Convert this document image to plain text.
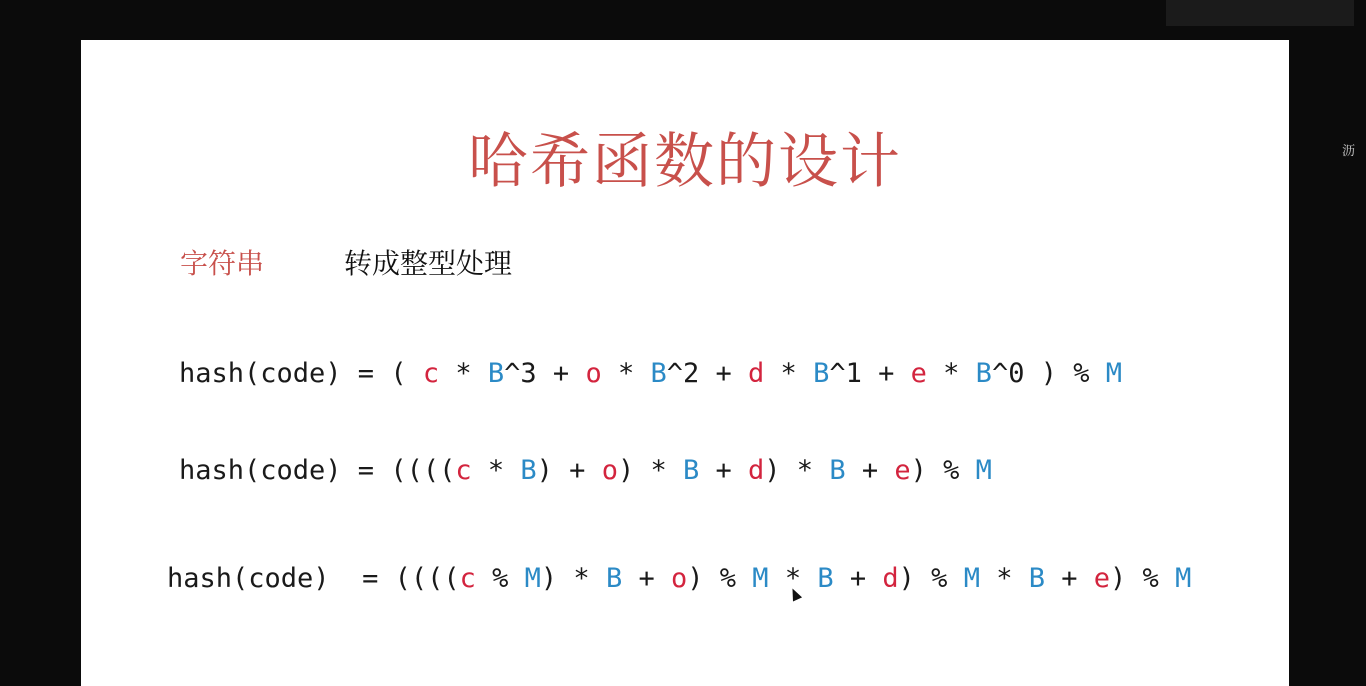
沥
哈希函数的设计
字符串	转成整型处理
hash(code) = ( c * B^3 + o * B^2 + d * B^1 + e * B^0 ) % M
hash(code) = ((((c * B) + o) * B + d) * B + e) % M
hash(code)  = ((((c % M) * B + o) % M * B + d) % M * B + e) % M
